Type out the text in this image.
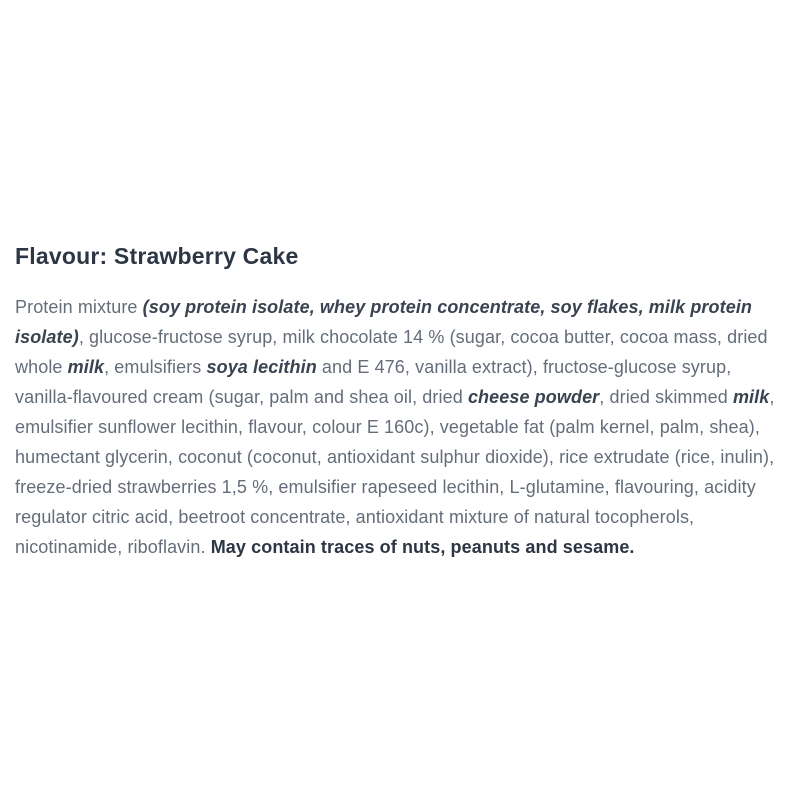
Flavour: Strawberry Cake

Protein mixture (soy protein isolate, whey protein concentrate, soy flakes, milk protein isolate), glucose-fructose syrup, milk chocolate 14 % (sugar, cocoa butter, cocoa mass, dried whole milk, emulsifiers soya lecithin and E 476, vanilla extract), fructose-glucose syrup, vanilla-flavoured cream (sugar, palm and shea oil, dried cheese powder, dried skimmed milk, emulsifier sunflower lecithin, flavour, colour E 160c), vegetable fat (palm kernel, palm, shea), humectant glycerin, coconut (coconut, antioxidant sulphur dioxide), rice extrudate (rice, inulin), freeze-dried strawberries 1,5 %, emulsifier rapeseed lecithin, L-glutamine, flavouring, acidity regulator citric acid, beetroot concentrate, antioxidant mixture of natural tocopherols, nicotinamide, riboflavin. May contain traces of nuts, peanuts and sesame.
